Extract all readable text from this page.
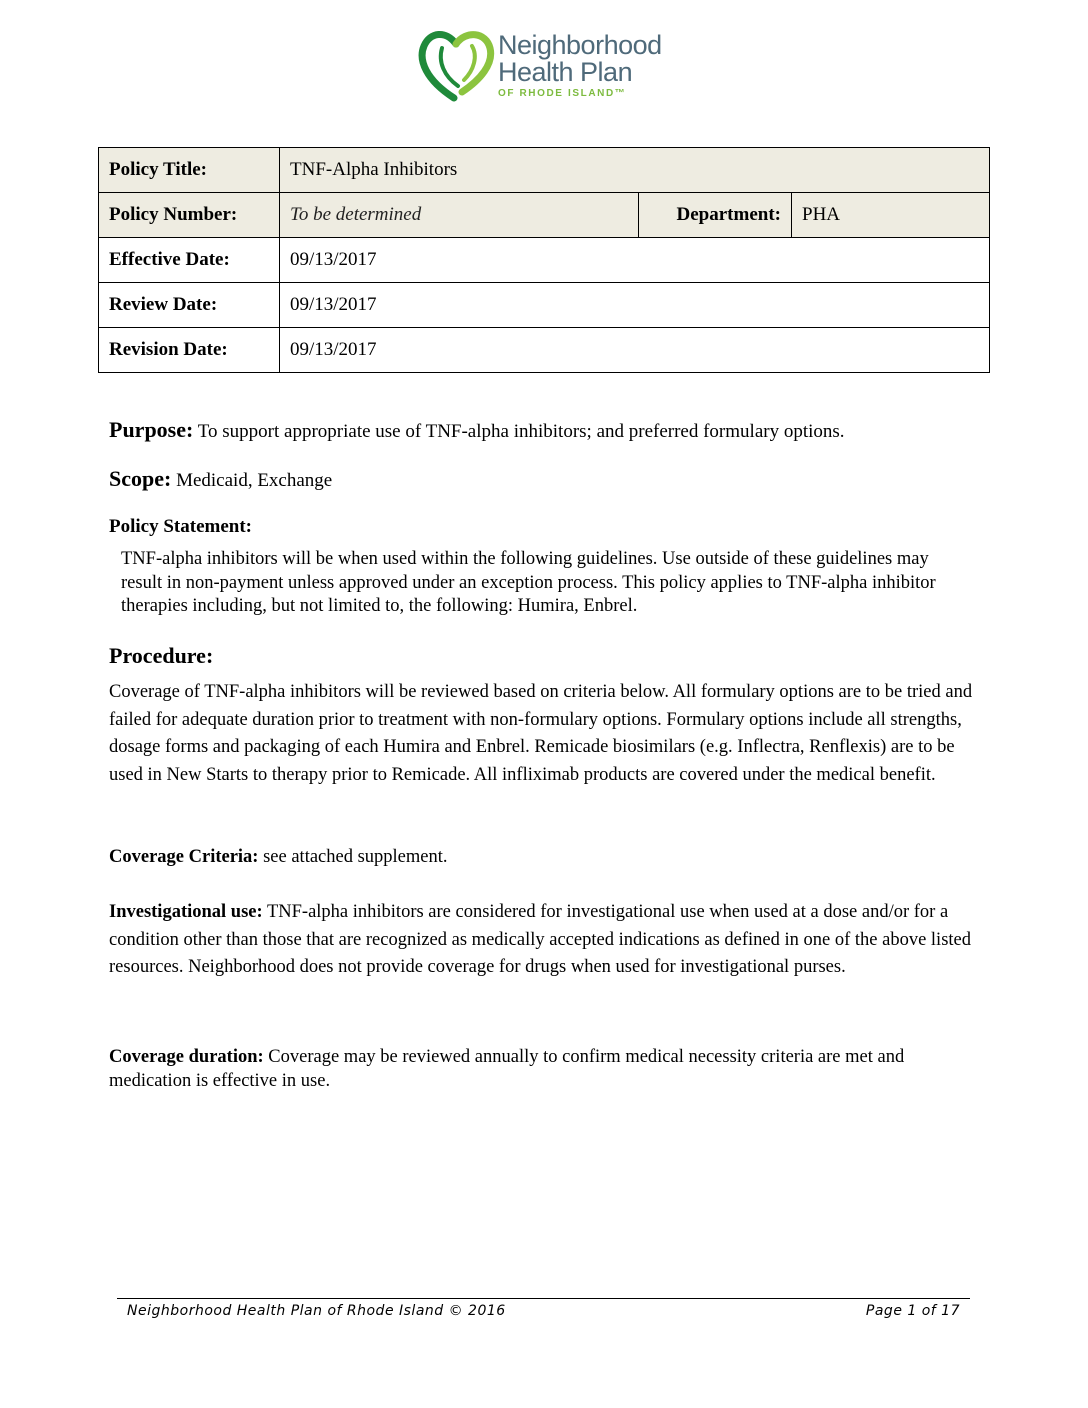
Neighborhood
Health Plan
OF RHODE ISLAND™
Policy Title:	TNF-Alpha Inhibitors		
Policy Number:	To be determined	Department:	PHA
Effective Date:	09/13/2017		
Review Date:	09/13/2017		
Revision Date:	09/13/2017		
Purpose: To support appropriate use of TNF-alpha inhibitors; and preferred formulary options.
Scope: Medicaid, Exchange
Policy Statement:
TNF-alpha inhibitors will be when used within the following guidelines. Use outside of these guidelines may result in non-payment unless approved under an exception process. This policy applies to TNF-alpha inhibitor therapies including, but not limited to, the following: Humira, Enbrel.
Procedure:
Coverage of TNF-alpha inhibitors will be reviewed based on criteria below. All formulary options are to be tried and failed for adequate duration prior to treatment with non-formulary options. Formulary options include all strengths, dosage forms and packaging of each Humira and Enbrel. Remicade biosimilars (e.g. Inflectra, Renflexis) are to be used in New Starts to therapy prior to Remicade. All infliximab products are covered under the medical benefit.
Coverage Criteria: see attached supplement.
Investigational use: TNF-alpha inhibitors are considered for investigational use when used at a dose and/or for a condition other than those that are recognized as medically accepted indications as defined in one of the above listed resources. Neighborhood does not provide coverage for drugs when used for investigational purses.
Coverage duration: Coverage may be reviewed annually to confirm medical necessity criteria are met and medication is effective in use.
Neighborhood Health Plan of Rhode Island © 2016	Page 1 of 17
